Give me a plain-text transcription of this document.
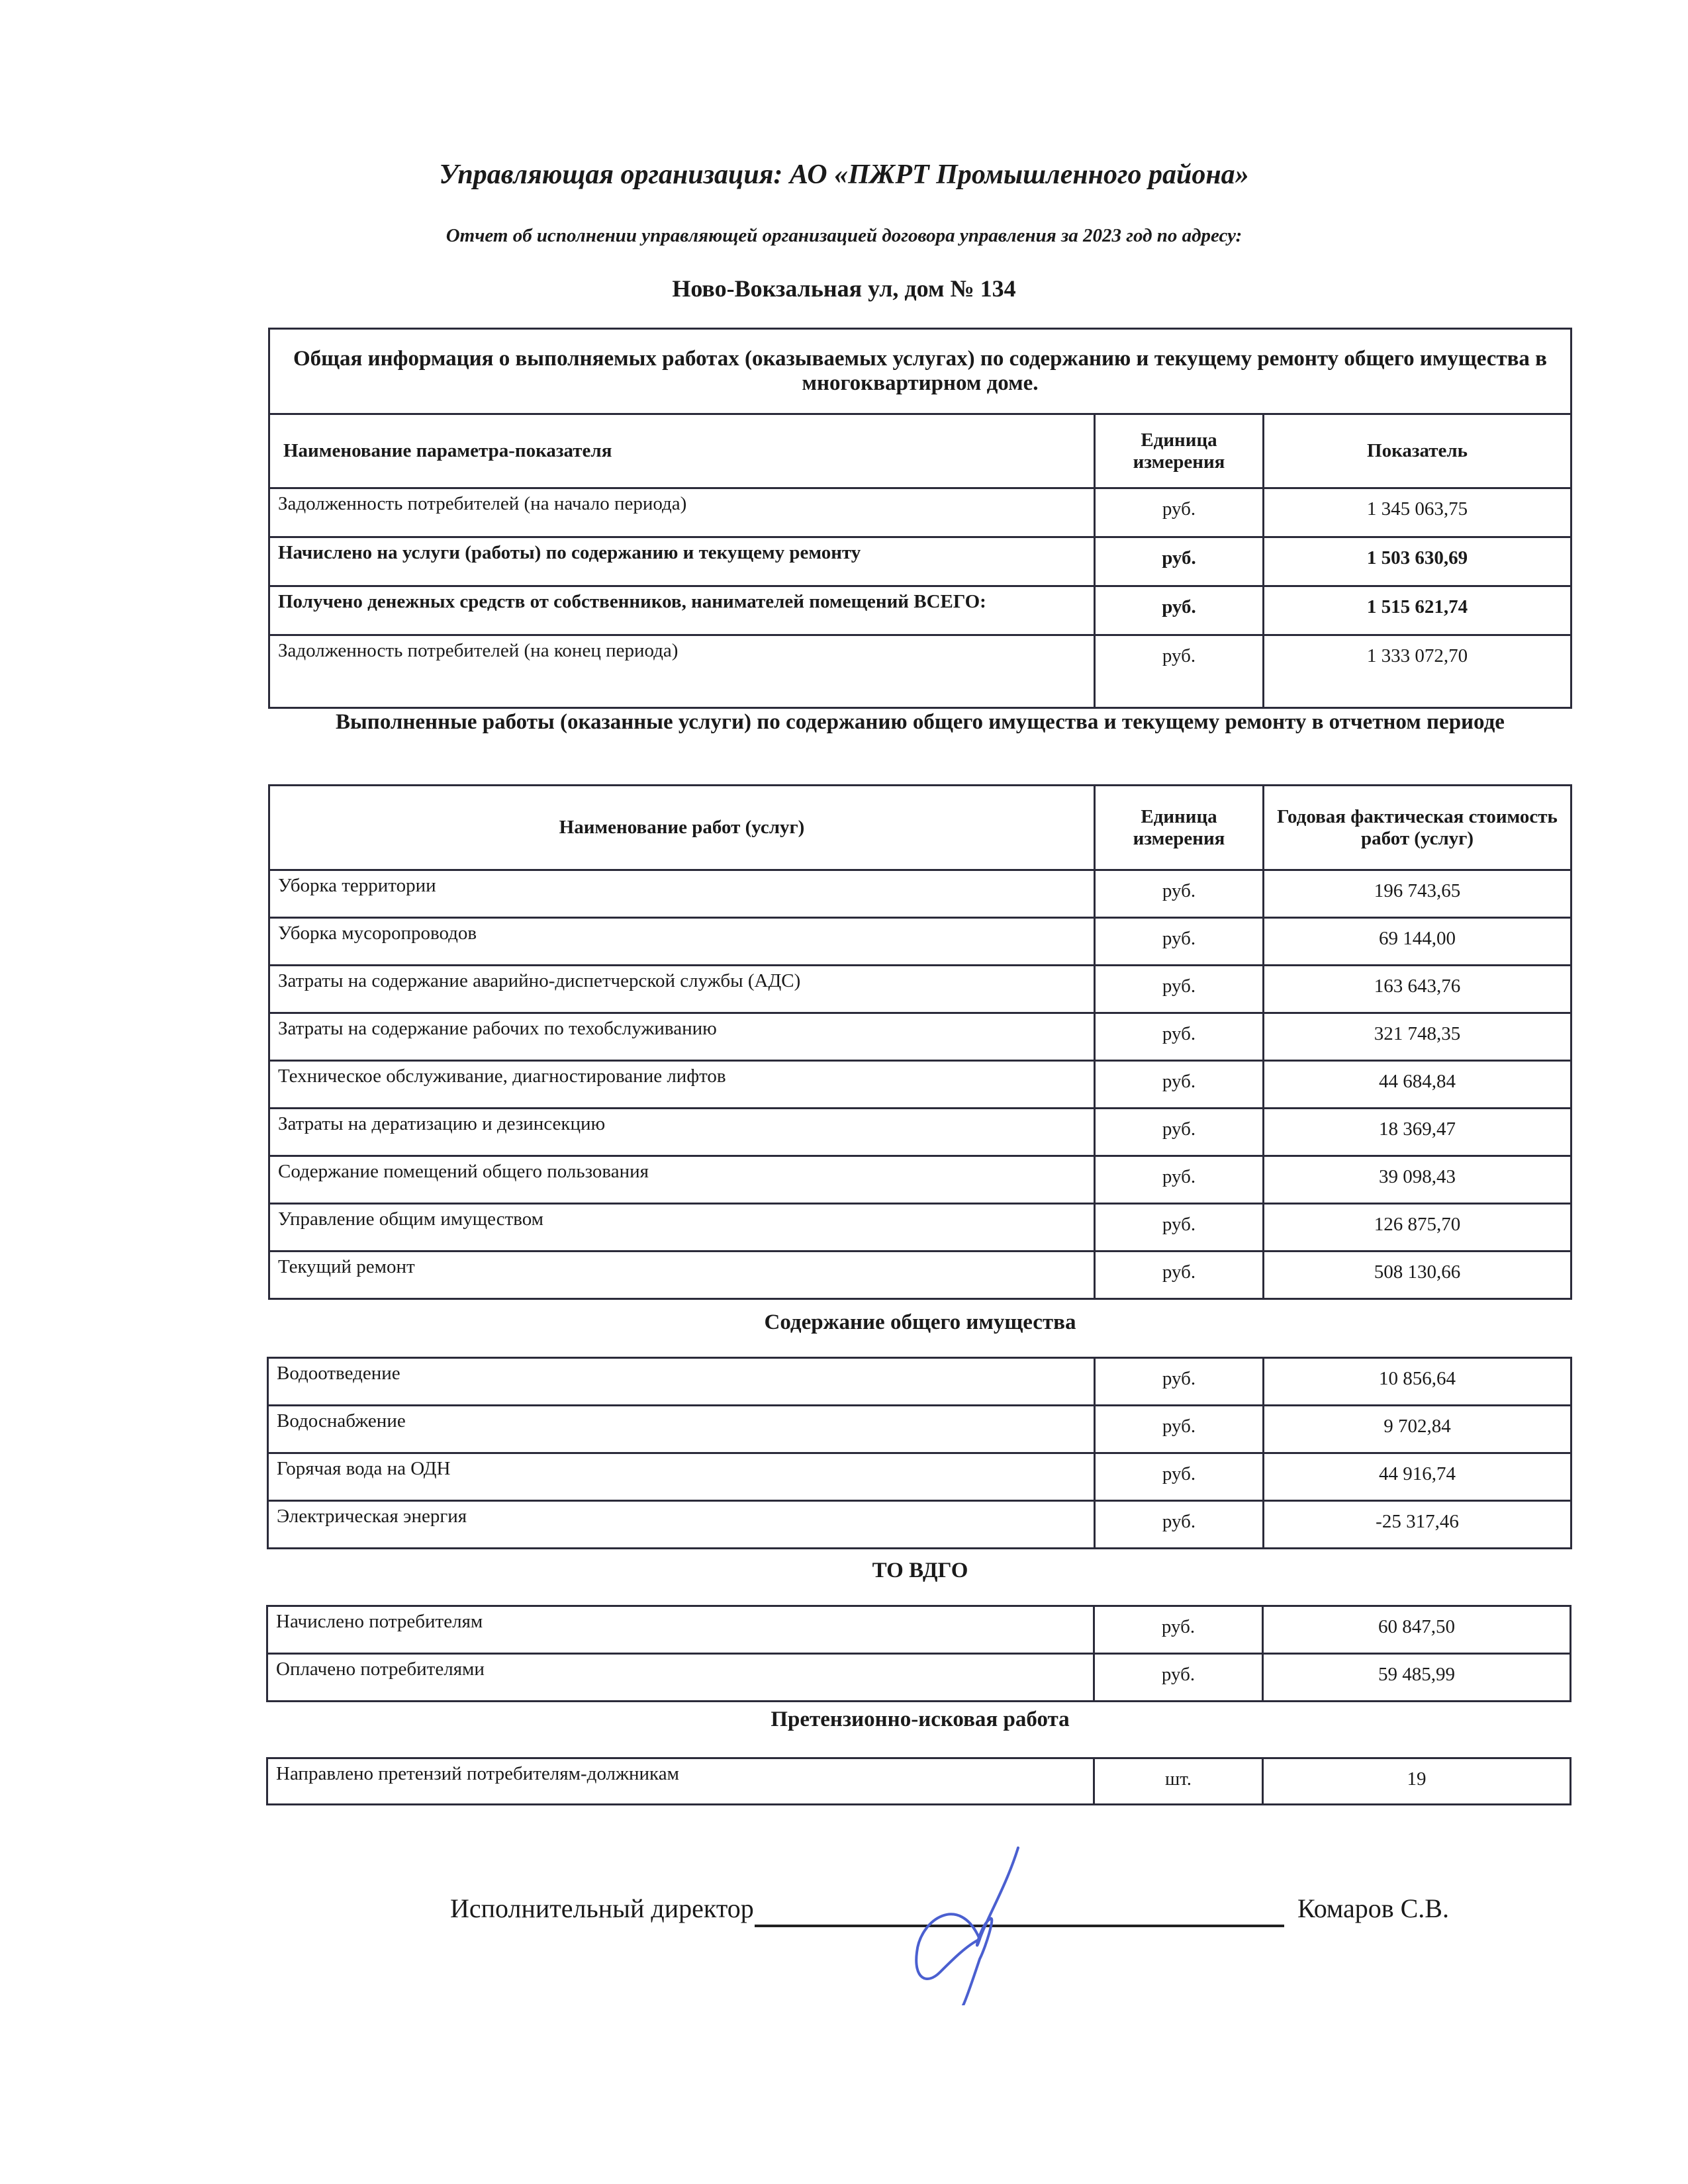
Управляющая организация: АО «ПЖРТ Промышленного района»
Отчет об исполнении управляющей организацией договора управления за 2023 год по адресу:
Ново-Вокзальная ул, дом № 134
Общая информация о выполняемых работах (оказываемых услугах) по содержанию и текущему ремонту общего имущества в многоквартирном доме.		
Наименование параметра-показателя	Единица измерения	Показатель
Задолженность потребителей (на начало периода)	руб.	1 345 063,75
Начислено на услуги (работы) по содержанию и текущему ремонту	руб.	1 503 630,69
Получено денежных средств от собственников, нанимателей помещений ВСЕГО:	руб.	1 515 621,74
Задолженность потребителей (на конец периода)	руб.	1 333 072,70
Выполненные работы (оказанные услуги) по содержанию общего имущества и текущему ремонту в отчетном периоде
Наименование работ (услуг)	Единица измерения	Годовая фактическая стоимость работ (услуг)
Уборка территории	руб.	196 743,65
Уборка мусоропроводов	руб.	69 144,00
Затраты на содержание аварийно-диспетчерской службы (АДС)	руб.	163 643,76
Затраты на содержание рабочих по техобслуживанию	руб.	321 748,35
Техническое обслуживание, диагностирование лифтов	руб.	44 684,84
Затраты на дератизацию и дезинсекцию	руб.	18 369,47
Содержание помещений общего пользования	руб.	39 098,43
Управление общим имуществом	руб.	126 875,70
Текущий ремонт	руб.	508 130,66
Содержание общего имущества
Водоотведение	руб.	10 856,64
Водоснабжение	руб.	9 702,84
Горячая вода на ОДН	руб.	44 916,74
Электрическая энергия	руб.	-25 317,46
ТО ВДГО
Начислено потребителям	руб.	60 847,50
Оплачено потребителями	руб.	59 485,99
Претензионно-исковая работа
Направлено претензий потребителям-должникам	шт.	19
Исполнительный директор	Комаров С.В.
